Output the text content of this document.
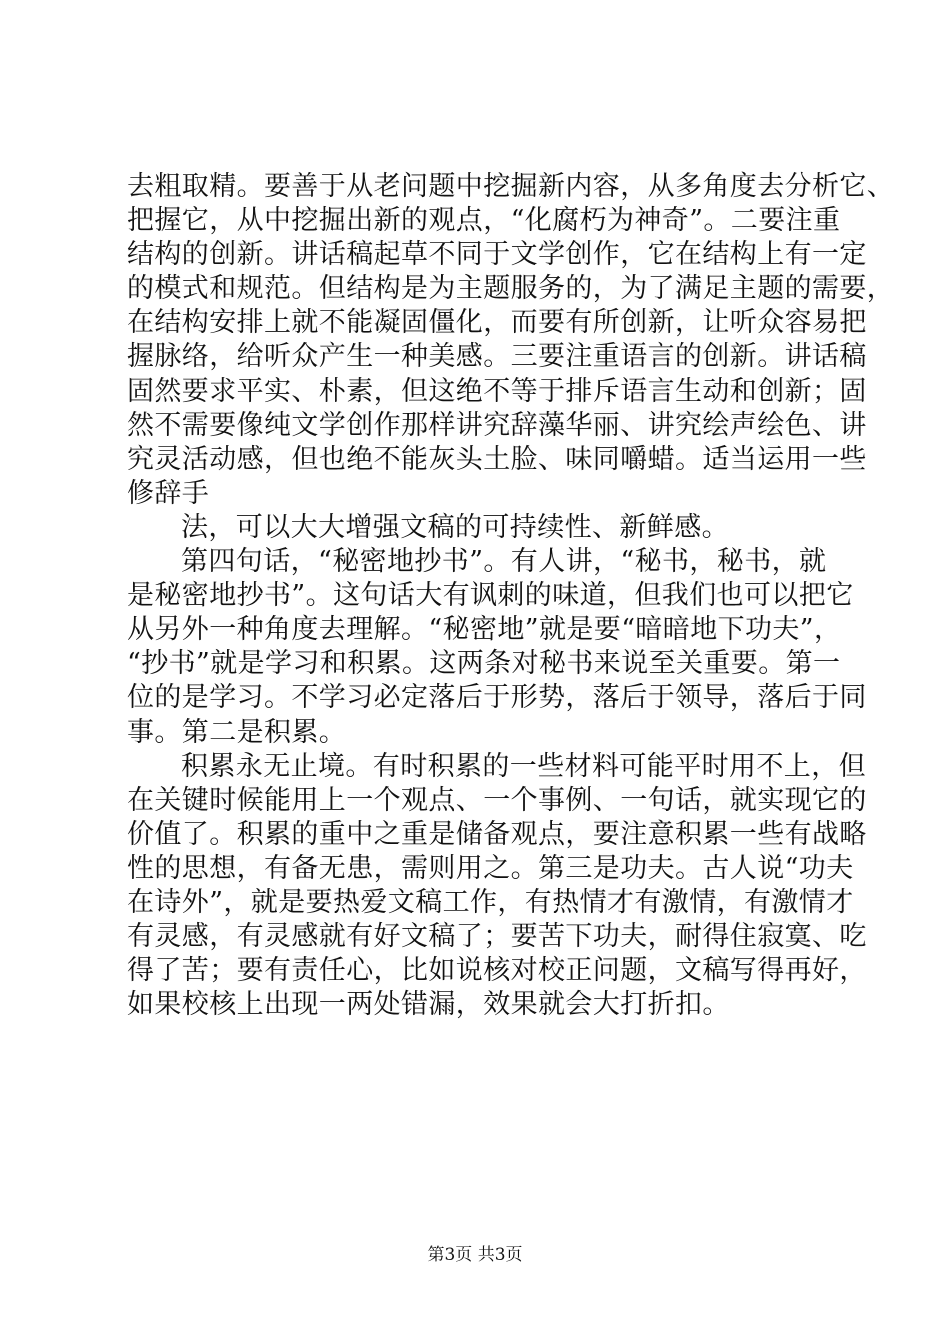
去粗取精。要善于从老问题中挖掘新内容，从多角度去分析它、
把握它，从中挖掘出新的观点，“化腐朽为神奇”。二要注重
结构的创新。讲话稿起草不同于文学创作，它在结构上有一定
的模式和规范。但结构是为主题服务的，为了满足主题的需要，
在结构安排上就不能凝固僵化，而要有所创新，让听众容易把
握脉络，给听众产生一种美感。三要注重语言的创新。讲话稿
固然要求平实、朴素，但这绝不等于排斥语言生动和创新；固
然不需要像纯文学创作那样讲究辞藻华丽、讲究绘声绘色、讲
究灵活动感，但也绝不能灰头土脸、味同嚼蜡。适当运用一些
修辞手
法，可以大大增强文稿的可持续性、新鲜感。
第四句话，“秘密地抄书”。有人讲，“秘书，秘书，就
是秘密地抄书”。这句话大有讽刺的味道，但我们也可以把它
从另外一种角度去理解。“秘密地”就是要“暗暗地下功夫”，
“抄书”就是学习和积累。这两条对秘书来说至关重要。第一
位的是学习。不学习必定落后于形势，落后于领导，落后于同
事。第二是积累。
积累永无止境。有时积累的一些材料可能平时用不上，但
在关键时候能用上一个观点、一个事例、一句话，就实现它的
价值了。积累的重中之重是储备观点，要注意积累一些有战略
性的思想，有备无患，需则用之。第三是功夫。古人说“功夫
在诗外”，就是要热爱文稿工作，有热情才有激情，有激情才
有灵感，有灵感就有好文稿了；要苦下功夫，耐得住寂寞、吃
得了苦；要有责任心，比如说核对校正问题，文稿写得再好，
如果校核上出现一两处错漏，效果就会大打折扣。
第3页 共3页
